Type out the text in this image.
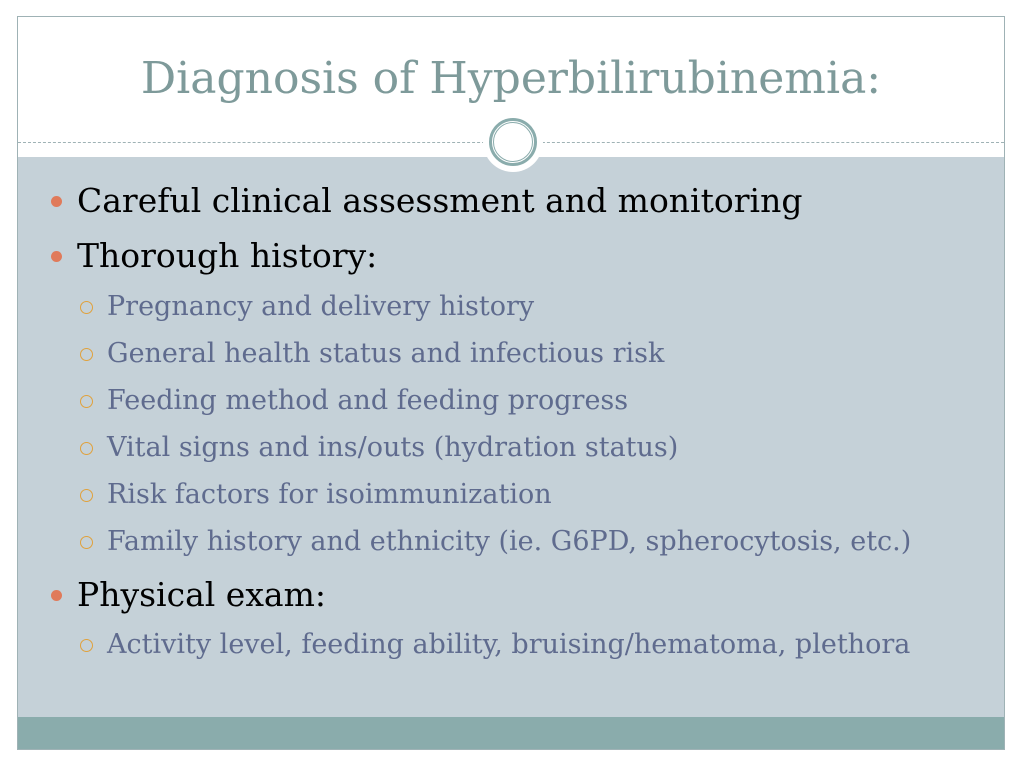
Diagnosis of Hyperbilirubinemia:
Careful clinical assessment and monitoring
Thorough history:
Pregnancy and delivery history
General health status and infectious risk
Feeding method and feeding progress
Vital signs and ins/outs (hydration status)
Risk factors for isoimmunization
Family history and ethnicity (ie. G6PD, spherocytosis, etc.)
Physical exam:
Activity level, feeding ability, bruising/hematoma, plethora
